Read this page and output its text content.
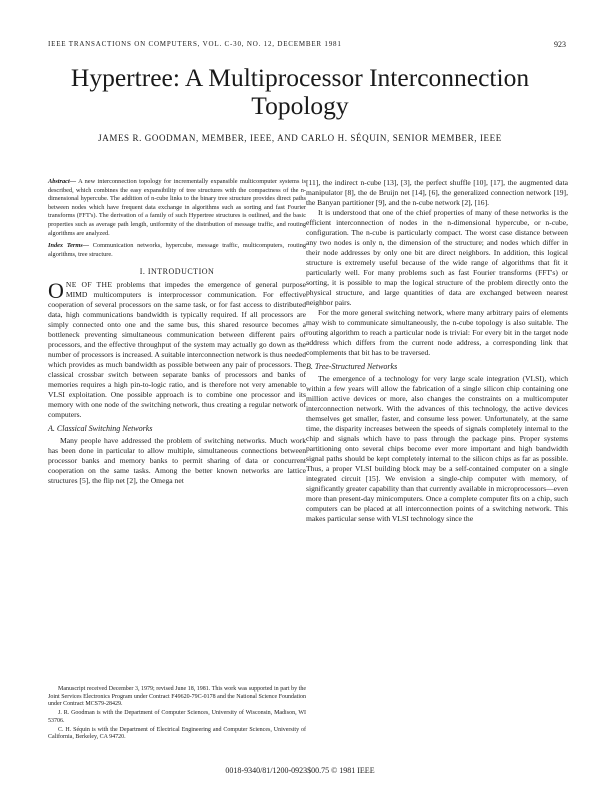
IEEE TRANSACTIONS ON COMPUTERS, VOL. C-30, NO. 12, DECEMBER 1981	923
Hypertree: A Multiprocessor Interconnection Topology
JAMES R. GOODMAN, MEMBER, IEEE, AND CARLO H. SÉQUIN, SENIOR MEMBER, IEEE

Abstract— A new interconnection topology for incrementally expansible multicomputer systems is described, which combines the easy expansibility of tree structures with the compactness of the n-dimensional hypercube. The addition of n-cube links to the binary tree structure provides direct paths between nodes which have frequent data exchange in algorithms such as sorting and fast Fourier transforms (FFT's). The derivation of a family of such Hypertree structures is outlined, and the basic properties such as average path length, uniformity of the distribution of message traffic, and routing algorithms are analyzed.

Index Terms— Communication networks, hypercube, message traffic, multicomputers, routing algorithms, tree structure.

I. INTRODUCTION

O NE OF THE problems that impedes the emergence of general purpose MIMD multicomputers is interprocessor communication. For effective cooperation of several processors on the same task, or for fast access to distributed data, high communications bandwidth is typically required. If all processors are simply connected onto one and the same bus, this shared resource becomes a bottleneck preventing simultaneous communication between different pairs of processors, and the effective throughput of the system may actually go down as the number of processors is increased. A suitable interconnection network is thus needed which provides as much bandwidth as possible between any pair of processors. The classical crossbar switch between separate banks of processors and banks of memories requires a high pin-to-logic ratio, and is therefore not very amenable to VLSI exploitation. One possible approach is to combine one processor and its memory with one node of the switching network, thus creating a regular network of computers.

A. Classical Switching Networks

Many people have addressed the problem of switching networks. Much work has been done in particular to allow multiple, simultaneous connections between processor banks and memory banks to permit sharing of data or concurrent cooperation on the same tasks. Among the better known networks are lattice structures [5], the flip net [2], the Omega net

[11], the indirect n-cube [13], [3], the perfect shuffle [10], [17], the augmented data manipulator [8], the de Bruijn net [14], [6], the generalized connection network [19], the Banyan partitioner [9], and the n-cube network [2], [16].

It is understood that one of the chief properties of many of these networks is the efficient interconnection of nodes in the n-dimensional hypercube, or n-cube, configuration. The n-cube is particularly compact. The worst case distance between any two nodes is only n, the dimension of the structure; and nodes which differ in their node addresses by only one bit are direct neighbors. In addition, this logical structure is extremely useful because of the wide range of algorithms that fit it particularly well. For many problems such as fast Fourier transforms (FFT's) or sorting, it is possible to map the logical structure of the problem directly onto the physical structure, and large quantities of data are exchanged between nearest neighbor pairs.

For the more general switching network, where many arbitrary pairs of elements may wish to communicate simultaneously, the n-cube topology is also suitable. The routing algorithm to reach a particular node is trivial: For every bit in the target node address which differs from the current node address, a corresponding link that complements that bit has to be traversed.

B. Tree-Structured Networks

The emergence of a technology for very large scale integration (VLSI), which within a few years will allow the fabrication of a single silicon chip containing one million active devices or more, also changes the constraints on a multicomputer interconnection network. With the advances of this technology, the active devices themselves get smaller, faster, and consume less power. Unfortunately, at the same time, the disparity increases between the speeds of signals completely internal to the chip and signals which have to pass through the package pins. Proper systems partitioning onto several chips become ever more important and high bandwidth signal paths should be kept completely internal to the silicon chips as far as possible. Thus, a proper VLSI building block may be a self-contained computer on a single integrated circuit [15]. We envision a single-chip computer with memory, of significantly greater capability than that currently available in microprocessors—even more than present-day minicomputers. Once a complete computer fits on a chip, such computers can be placed at all interconnection points of a switching network. This makes particular sense with VLSI technology since the

Manuscript received December 3, 1979; revised June 18, 1981. This work was supported in part by the Joint Services Electronics Program under Contract F49620-79C-0178 and the National Science Foundation under Contract MCS79-28429.

J. R. Goodman is with the Department of Computer Sciences, University of Wisconsin, Madison, WI 53706.

C. H. Séquin is with the Department of Electrical Engineering and Computer Sciences, University of California, Berkeley, CA 94720.

0018-9340/81/1200-0923$00.75 © 1981 IEEE
